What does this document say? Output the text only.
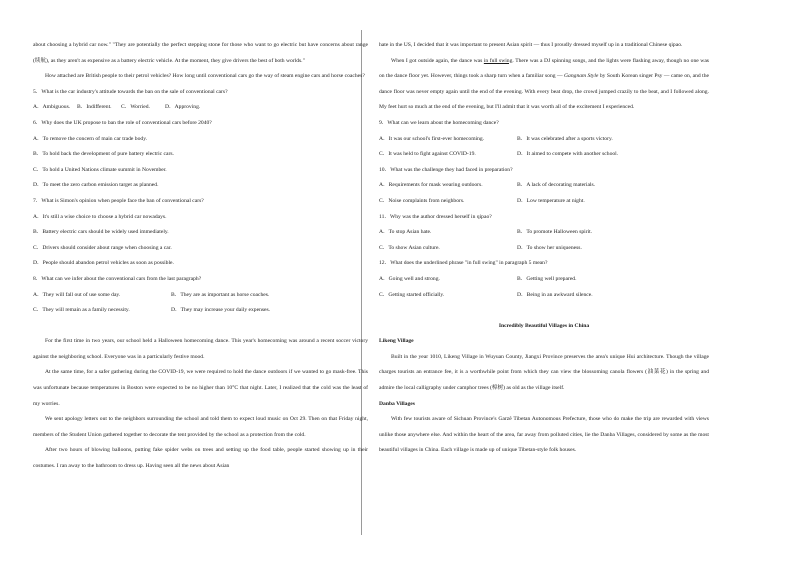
about choosing a hybrid car now." "They are potentially the perfect stepping stone for those who want to go electric but have concerns about range (续航), as they aren't as expensive as a battery electric vehicle. At the moment, they give drivers the best of both worlds."

How attached are British people to their petrol vehicles? How long until conventional cars go the way of steam engine cars and horse coaches?

5．What is the car industry's attitude towards the ban on the sale of conventional cars?

A．Ambiguous. B．Indifferent. C．Worried.	D．Approving.

6．Why does the UK propose to ban the role of conventional cars before 2040?

A．To remove the concern of main car trade body.

B．To hold back the development of pure battery electric cars.

C．To hold a United Nations climate summit in November.

D．To meet the zero carbon emission target as planned.

7．What is Simon's opinion when people face the ban of conventional cars?

A．It's still a wise choice to choose a hybrid car nowadays.

B．Battery electric cars should be widely used immediately.

C．Drivers should consider about range when choosing a car.

D．People should abandon petrol vehicles as soon as possible.

8．What can we infer about the conventional cars from the last paragraph?

A．They will fall out of use some day.	B．They are as important as horse coaches.
C．They will remain as a family necessity.	D．They may increase your daily expenses.

For the first time in two years, our school held a Halloween homecoming dance. This year's homecoming was around a recent soccer victory against the neighboring school. Everyone was in a particularly festive mood.

At the same time, for a safer gathering during the COVID-19, we were required to hold the dance outdoors if we wanted to go mask-free. This was unfortunate because temperatures in Boston were expected to be no higher than 10°C that night. Later, I realized that the cold was the least of my worries.

We sent apology letters out to the neighbors surrounding the school and told them to expect loud music on Oct 29. Then on that Friday night, members of the Student Union gathered together to decorate the tent provided by the school as a protection from the cold.

After two hours of blowing balloons, putting fake spider webs on trees and setting up the food table, people started showing up in their costumes. I ran away to the bathroom to dress up. Having seen all the news about Asian

hate in the US, I decided that it was important to present Asian spirit — thus I proudly dressed myself up in a traditional Chinese qipao.

When I got outside again, the dance was in full swing. There was a DJ spinning songs, and the lights were flashing away, though no one was on the dance floor yet. However, things took a sharp turn when a familiar song — Gangnam Style by South Korean singer Psy — came on, and the dance floor was never empty again until the end of the evening. With every beat drop, the crowd jumped crazily to the beat, and I followed along. My feet hurt so much at the end of the evening, but I'll admit that it was worth all of the excitement I experienced.

9．What can we learn about the homecoming dance?

A．It was our school's first-ever homecoming.	B．It was celebrated after a sports victory.
C．It was held to fight against COVID-19.	D．It aimed to compete with another school.

10．What was the challenge they had faced in preparation?

A．Requirements for mask wearing outdoors.	B．A lack of decorating materials.
C．Noise complaints from neighbors.	D．Low temperature at night.

11．Why was the author dressed herself in qipao?

A．To stop Asian hate.	B．To promote Halloween spirit.
C．To show Asian culture.	D．To show her uniqueness.

12．What does the underlined phrase "in full swing" in paragraph 5 mean?

A．Going well and strong.	B．Getting well prepared.
C．Getting started officially.	D．Being in an awkward silence.

Incredibly Beautiful Villages in China

Likeng Village

Built in the year 1010, Likeng Village in Wuyuan County, Jiangxi Province preserves the area's unique Hui architecture. Though the village charges tourists an entrance fee, it is a worthwhile point from which they can view the blossoming canola flowers (油菜花) in the spring and admire the local calligraphy under camphor trees (樟树) as old as the village itself.

Danba Villages

With few tourists aware of Sichuan Province's Garzê Tibetan Autonomous Prefecture, those who do make the trip are rewarded with views unlike those anywhere else. And within the heart of the area, far away from polluted cities, lie the Danba Villages, considered by some as the most beautiful villages in China. Each village is made up of unique Tibetan-style folk houses.
